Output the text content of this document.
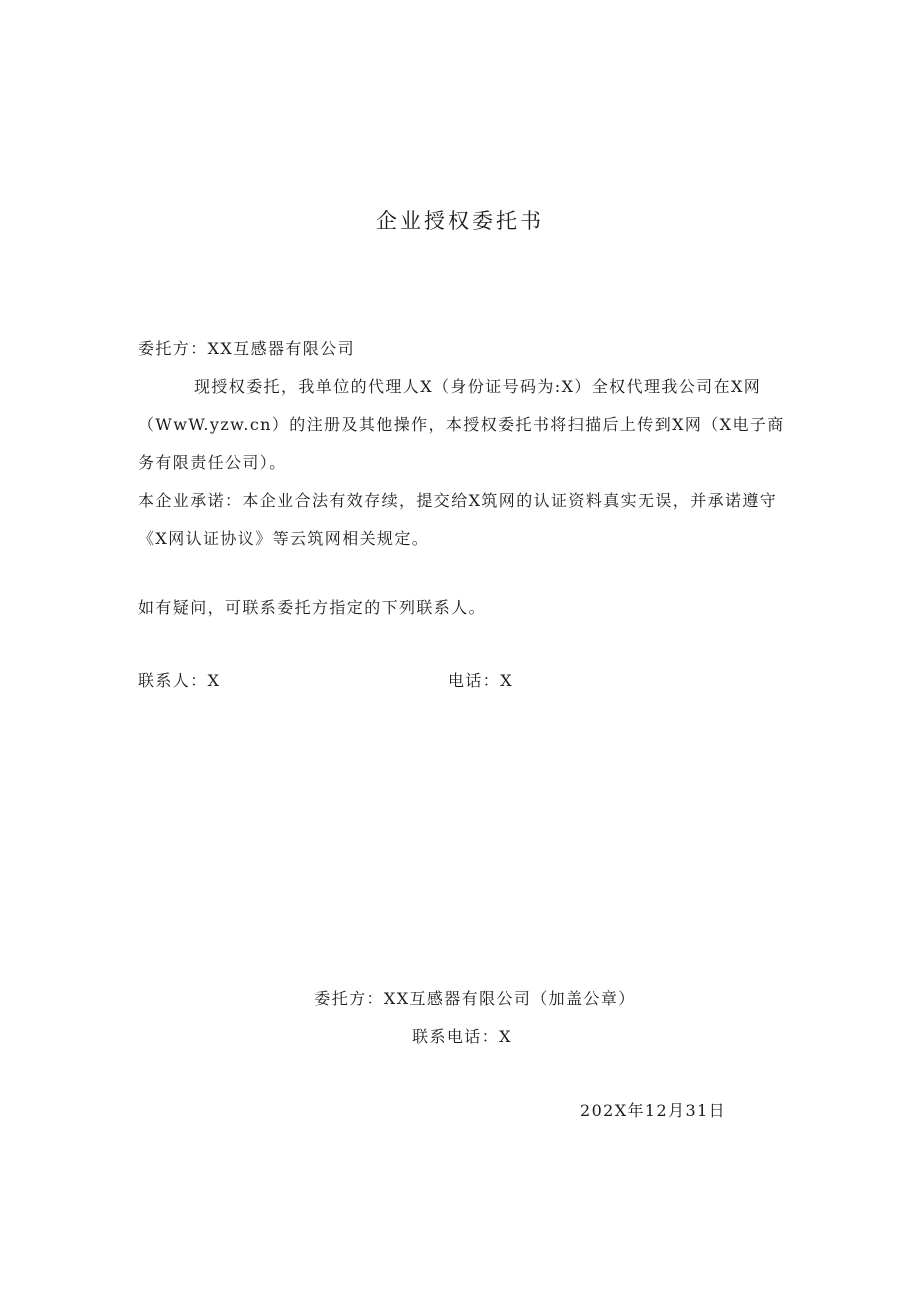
企业授权委托书
委托方：XX互感器有限公司
现授权委托，我单位的代理人X（身份证号码为:X）全权代理我公司在X网（WwW.yzw.cn）的注册及其他操作，本授权委托书将扫描后上传到X网（X电子商务有限责任公司）。
本企业承诺：本企业合法有效存续，提交给X筑网的认证资料真实无误，并承诺遵守《X网认证协议》等云筑网相关规定。
如有疑问，可联系委托方指定的下列联系人。
联系人：X	电话：X
委托方：XX互感器有限公司（加盖公章）
联系电话：X
202X年12月31日
